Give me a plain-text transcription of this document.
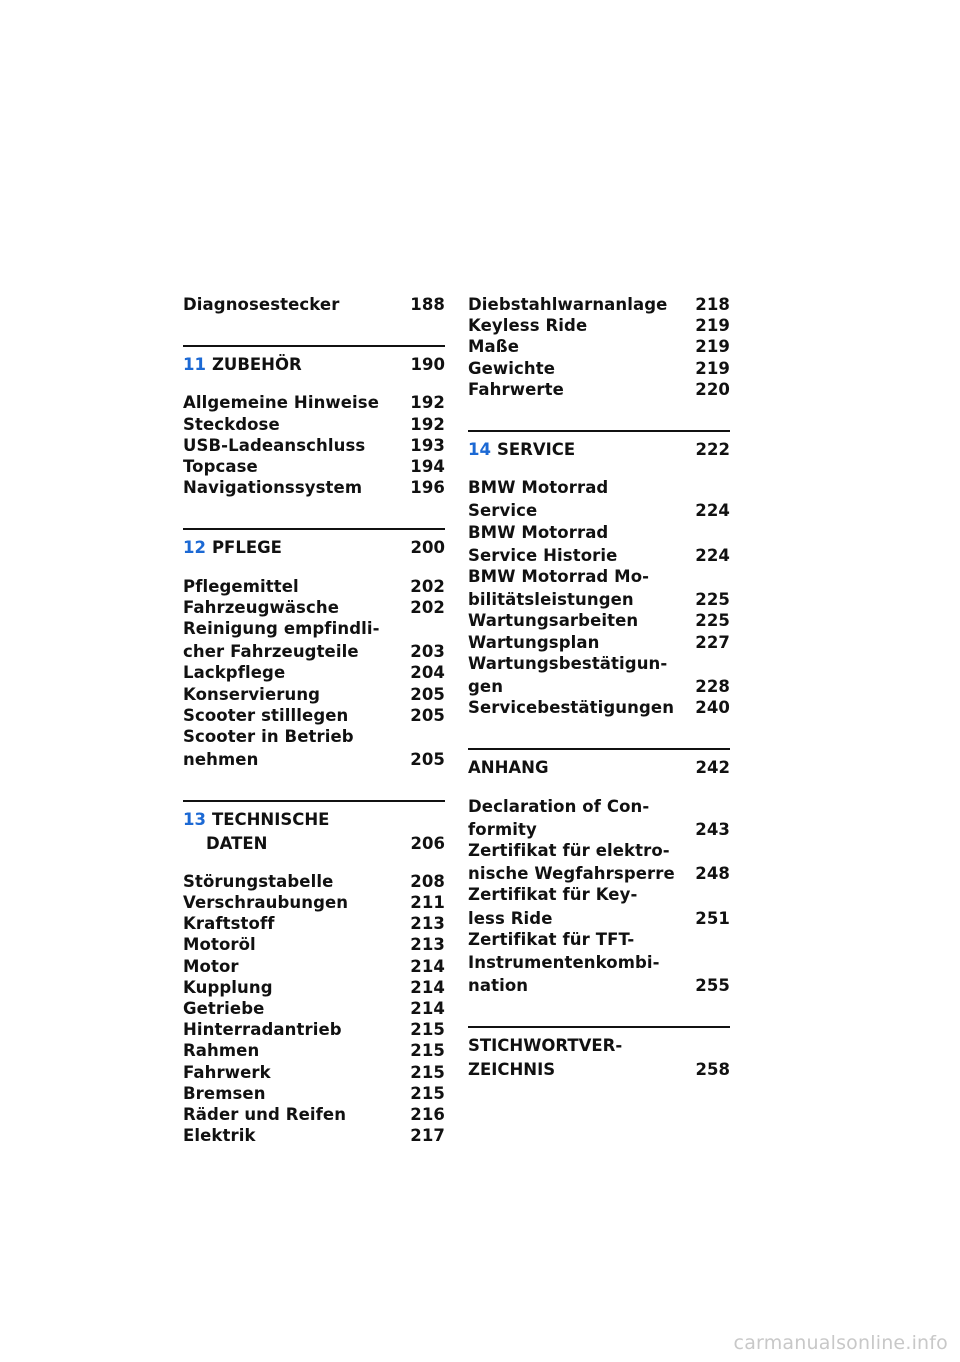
Diagnosestecker	188
11 ZUBEHÖR	190
Allgemeine Hinweise	192
Steckdose	192
USB-Ladeanschluss	193
Topcase	194
Navigationssystem	196
12 PFLEGE	200
Pflegemittel	202
Fahrzeugwäsche	202
Reinigung empfindli-
cher Fahrzeugteile	203
Lackpflege	204
Konservierung	205
Scooter stilllegen	205
Scooter in Betrieb
nehmen	205
13 TECHNISCHE
DATEN	206
Störungstabelle	208
Verschraubungen	211
Kraftstoff	213
Motoröl	213
Motor	214
Kupplung	214
Getriebe	214
Hinterradantrieb	215
Rahmen	215
Fahrwerk	215
Bremsen	215
Räder und Reifen	216
Elektrik	217
Diebstahlwarnanlage	218
Keyless Ride	219
Maße	219
Gewichte	219
Fahrwerte	220
14 SERVICE	222
BMW Motorrad
Service	224
BMW Motorrad
Service Historie	224
BMW Motorrad Mo-
bilitätsleistungen	225
Wartungsarbeiten	225
Wartungsplan	227
Wartungsbestätigun-
gen	228
Servicebestätigungen	240
ANHANG	242
Declaration of Con-
formity	243
Zertifikat für elektro-
nische Wegfahrsperre	248
Zertifikat für Key-
less Ride	251
Zertifikat für TFT-
Instrumentenkombi-
nation	255
STICHWORTVER-
ZEICHNIS	258
carmanualsonline.info
